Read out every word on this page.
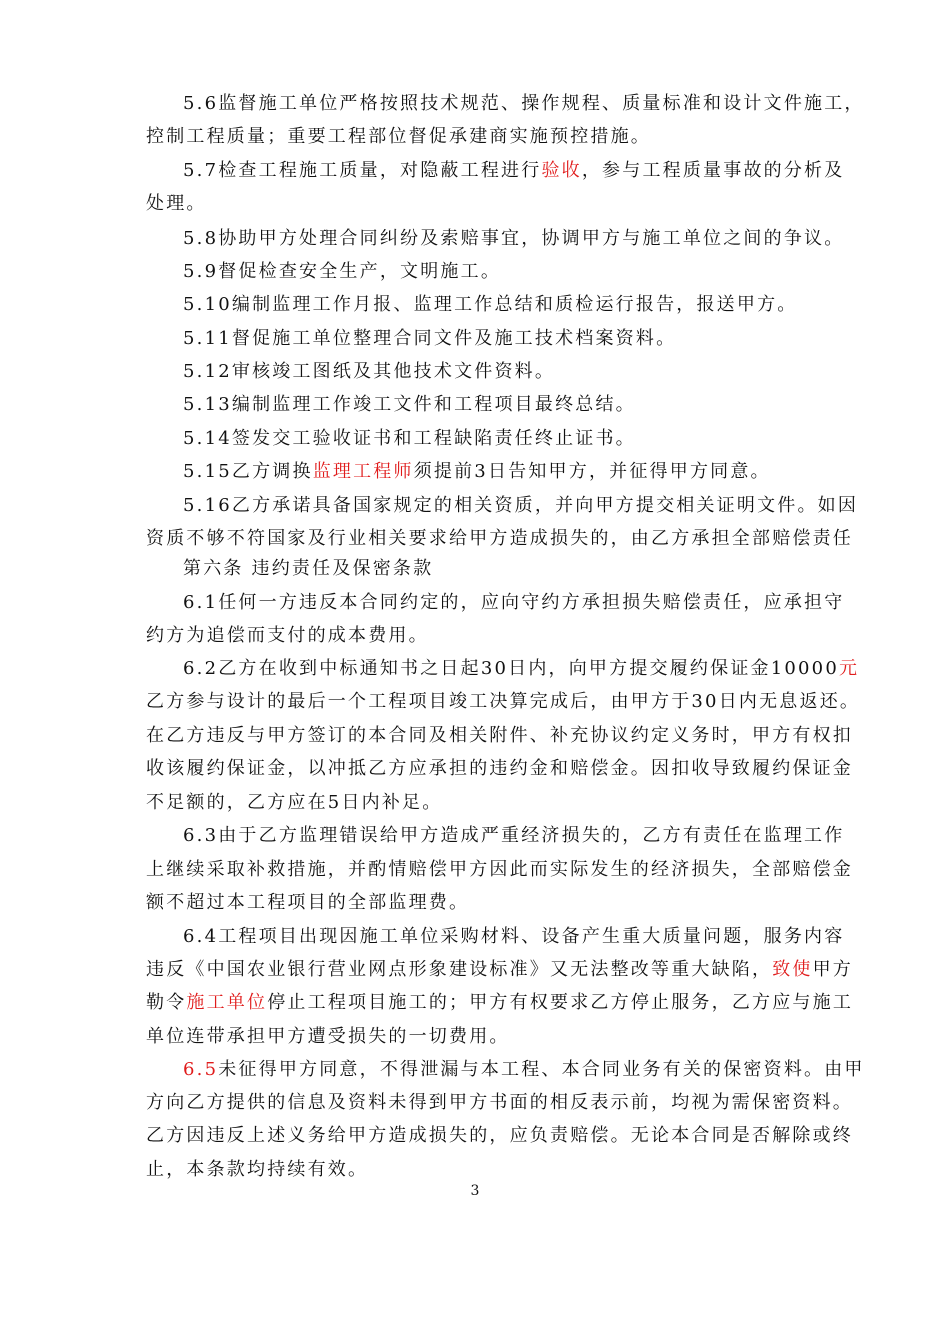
5.6监督施工单位严格按照技术规范、操作规程、质量标准和设计文件施工，
控制工程质量；重要工程部位督促承建商实施预控措施。
5.7检查工程施工质量，对隐蔽工程进行验收，参与工程质量事故的分析及
处理。
5.8协助甲方处理合同纠纷及索赔事宜，协调甲方与施工单位之间的争议。
5.9督促检查安全生产，文明施工。
5.10编制监理工作月报、监理工作总结和质检运行报告，报送甲方。
5.11督促施工单位整理合同文件及施工技术档案资料。
5.12审核竣工图纸及其他技术文件资料。
5.13编制监理工作竣工文件和工程项目最终总结。
5.14签发交工验收证书和工程缺陷责任终止证书。
5.15乙方调换监理工程师须提前3日告知甲方，并征得甲方同意。
5.16乙方承诺具备国家规定的相关资质，并向甲方提交相关证明文件。如因
资质不够不符国家及行业相关要求给甲方造成损失的，由乙方承担全部赔偿责任
第六条 违约责任及保密条款
6.1任何一方违反本合同约定的，应向守约方承担损失赔偿责任，应承担守
约方为追偿而支付的成本费用。
6.2乙方在收到中标通知书之日起30日内，向甲方提交履约保证金10000元
乙方参与设计的最后一个工程项目竣工决算完成后，由甲方于30日内无息返还。
在乙方违反与甲方签订的本合同及相关附件、补充协议约定义务时，甲方有权扣
收该履约保证金，以冲抵乙方应承担的违约金和赔偿金。因扣收导致履约保证金
不足额的，乙方应在5日内补足。
6.3由于乙方监理错误给甲方造成严重经济损失的，乙方有责任在监理工作
上继续采取补救措施，并酌情赔偿甲方因此而实际发生的经济损失，全部赔偿金
额不超过本工程项目的全部监理费。
6.4工程项目出现因施工单位采购材料、设备产生重大质量问题，服务内容
违反《中国农业银行营业网点形象建设标准》又无法整改等重大缺陷，致使甲方
勒令施工单位停止工程项目施工的；甲方有权要求乙方停止服务，乙方应与施工
单位连带承担甲方遭受损失的一切费用。
6.5未征得甲方同意，不得泄漏与本工程、本合同业务有关的保密资料。由甲
方向乙方提供的信息及资料未得到甲方书面的相反表示前，均视为需保密资料。
乙方因违反上述义务给甲方造成损失的，应负责赔偿。无论本合同是否解除或终
止，本条款均持续有效。
3
